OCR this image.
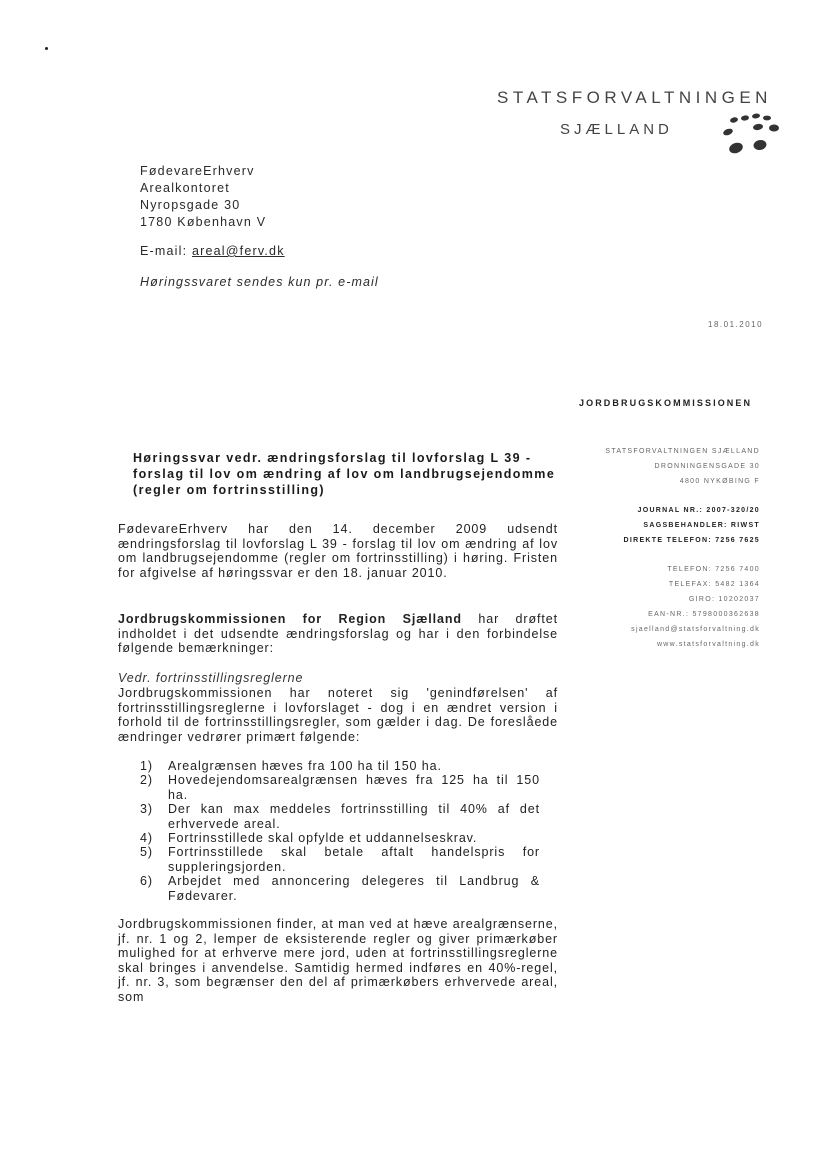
STATSFORVALTNINGEN
SJÆLLAND
FødevareErhverv
Arealkontoret
Nyropsgade 30
1780 København V
E-mail: areal@ferv.dk
Høringssvaret sendes kun pr. e-mail
18.01.2010
JORDBRUGSKOMMISSIONEN
STATSFORVALTNINGEN SJÆLLAND
DRONNINGENSGADE 30
4800 NYKØBING F
JOURNAL NR.: 2007-320/20
SAGSBEHANDLER: RIWST
DIREKTE TELEFON: 7256 7625
TELEFON: 7256 7400
TELEFAX: 5482 1364
GIRO: 10202037
EAN-NR.: 5798000362638
sjaelland@statsforvaltning.dk
www.statsforvaltning.dk
Høringssvar vedr. ændringsforslag til lovforslag L 39 - forslag til lov om ændring af lov om landbrugsejendomme (regler om fortrinsstilling)
FødevareErhverv har den 14. december 2009 udsendt ændringsforslag til lovforslag L 39 - forslag til lov om ændring af lov om landbrugsejendomme (regler om fortrinsstilling) i høring. Fristen for afgivelse af høringssvar er den 18. januar 2010.
Jordbrugskommissionen for Region Sjælland har drøftet indholdet i det udsendte ændringsforslag og har i den forbindelse følgende bemærkninger:
Vedr. fortrinsstillingsreglerne
Jordbrugskommissionen har noteret sig 'genindførelsen' af fortrinsstillingsreglerne i lovforslaget - dog i en ændret version i forhold til de fortrinsstillingsregler, som gælder i dag. De foreslåede ændringer vedrører primært følgende:
1)	Arealgrænsen hæves fra 100 ha til 150 ha.
2)	Hovedejendomsarealgrænsen hæves fra 125 ha til 150 ha.
3)	Der kan max meddeles fortrinsstilling til 40% af det erhvervede areal.
4)	Fortrinsstillede skal opfylde et uddannelseskrav.
5)	Fortrinsstillede skal betale aftalt handelspris for suppleringsjorden.
6)	Arbejdet med annoncering delegeres til Landbrug & Fødevarer.
Jordbrugskommissionen finder, at man ved at hæve arealgrænserne, jf. nr. 1 og 2, lemper de eksisterende regler og giver primærkøber mulighed for at erhverve mere jord, uden at fortrinsstillingsreglerne skal bringes i anvendelse. Samtidig hermed indføres en 40%-regel, jf. nr. 3, som begrænser den del af primærkøbers erhvervede areal, som
